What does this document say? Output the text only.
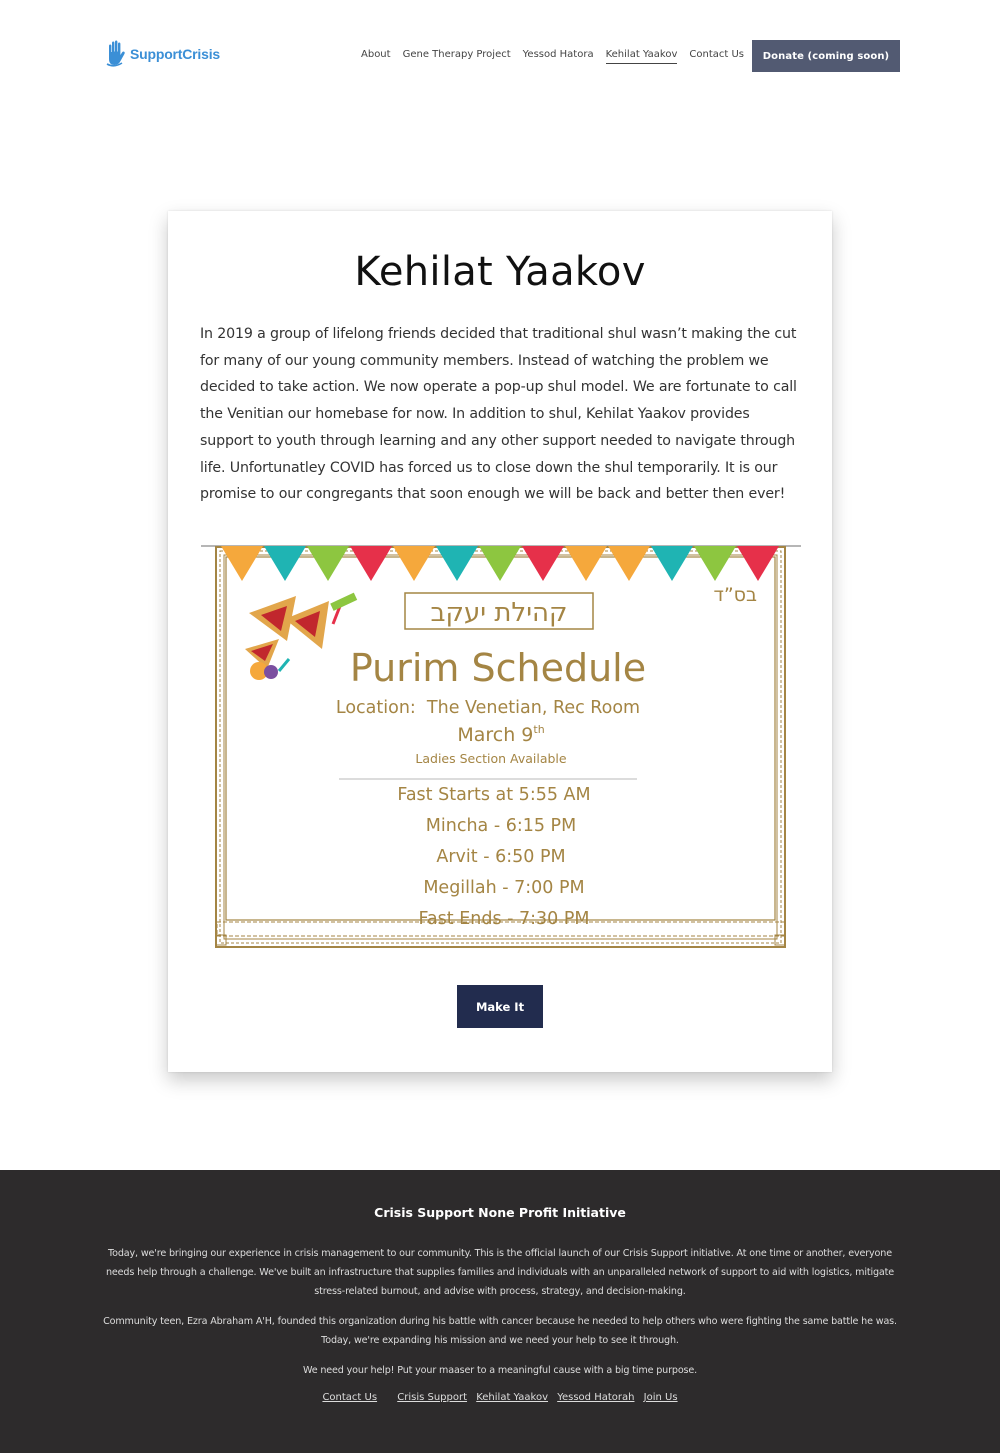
SupportCrisis	About Gene Therapy Project Yessod Hatora Kehilat Yaakov Contact Us	Donate (coming soon)
Kehilat Yaakov

In 2019 a group of lifelong friends decided that traditional shul wasn’t making the cut for many of our young community members. Instead of watching the problem we decided to take action. We now operate a pop-up shul model. We are fortunate to call the Venitian our homebase for now. In addition to shul, Kehilat Yaakov provides support to youth through learning and any other support needed to navigate through life. Unfortunatley COVID has forced us to close down the shul temporarily. It is our promise to our congregants that soon enough we will be back and better then ever!

בס”ד
קהילת יעקב
Purim Schedule
Location:  The Venetian, Rec Room
March 9th
Ladies Section Available
Fast Starts at 5:55 AM
Mincha - 6:15 PM
Arvit - 6:50 PM
Megillah - 7:00 PM
Fast Ends - 7:30 PM
Make It
Crisis Support None Profit Initiative

Today, we're bringing our experience in crisis management to our community. This is the official launch of our Crisis Support initiative. At one time or another, everyone needs help through a challenge. We've built an infrastructure that supplies families and individuals with an unparalleled network of support to aid with logistics, mitigate stress-related burnout, and advise with process, strategy, and decision-making.

Community teen, Ezra Abraham A'H, founded this organization during his battle with cancer because he needed to help others who were fighting the same battle he was. Today, we're expanding his mission and we need your help to see it through.

We need your help! Put your maaser to a meaningful cause with a big time purpose.

Contact Us Crisis Support Kehilat Yaakov Yessod Hatorah Join Us
